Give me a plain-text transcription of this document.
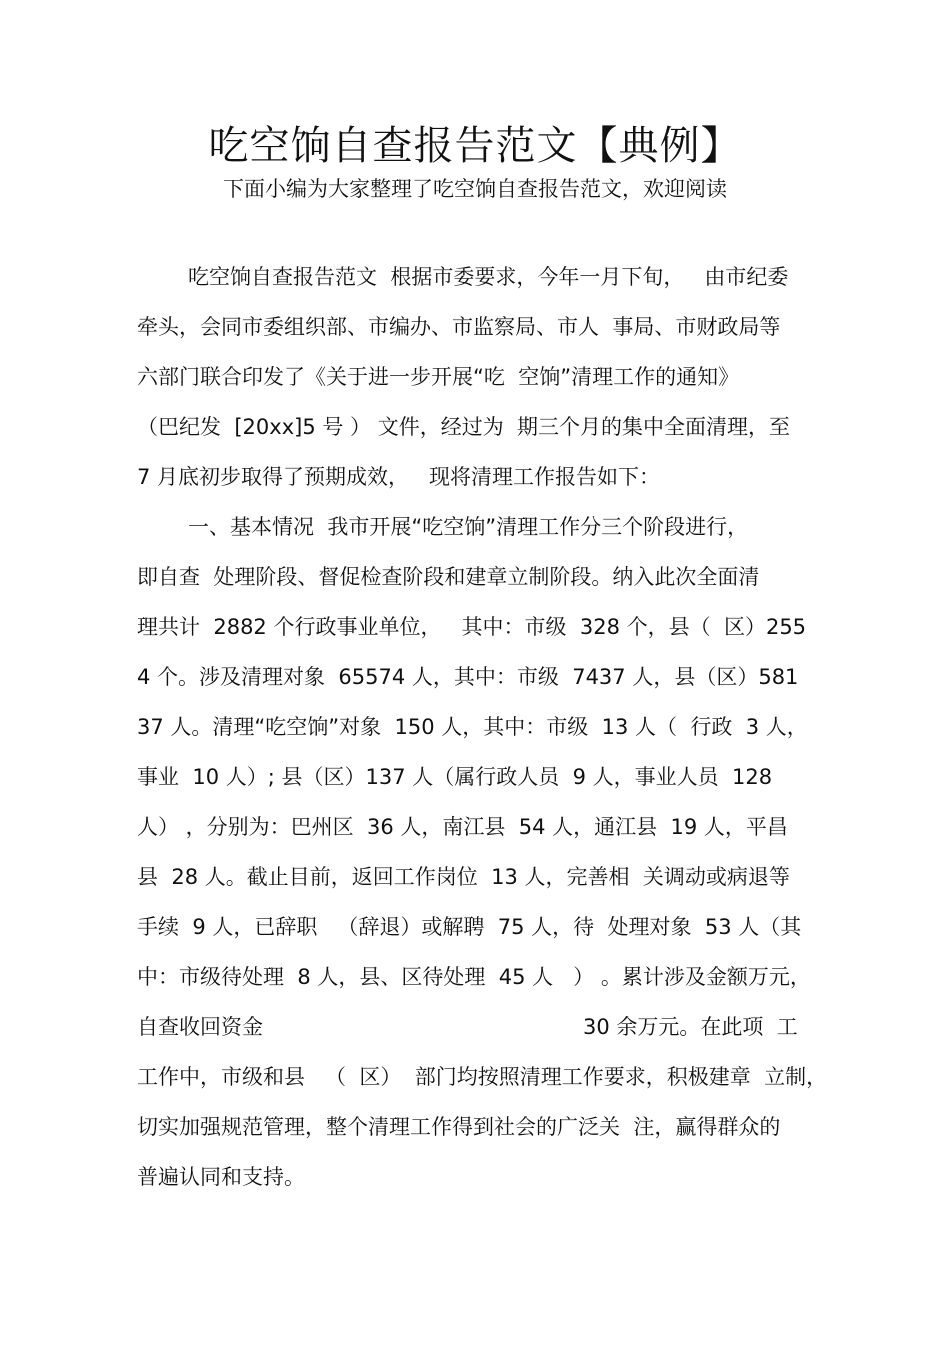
吃空饷自查报告范文【典例】
下面小编为大家整理了吃空饷自查报告范文，欢迎阅读
吃空饷自查报告范文  根据市委要求，今年一月下旬，   由市纪委
牵头，会同市委组织部、市编办、市监察局、市人  事局、市财政局等
六部门联合印发了《关于进一步开展“吃  空饷”清理工作的通知》
（巴纪发  [20xx]5 号 ） 文件，经过为  期三个月的集中全面清理，至
7 月底初步取得了预期成效，   现将清理工作报告如下：
一、基本情况  我市开展“吃空饷”清理工作分三个阶段进行，
即自查  处理阶段、督促检查阶段和建章立制阶段。纳入此次全面清
理共计  2882 个行政事业单位，   其中：市级  328 个，县（  区）255
4 个。涉及清理对象  65574 人，其中：市级  7437 人，县（区）581
37 人。清理“吃空饷”对象  150 人，其中：市级  13 人（  行政  3 人，
事业  10 人）; 县（区）137 人（属行政人员  9 人，事业人员  128
人） ，分别为：巴州区  36 人，南江县  54 人，通江县  19 人，平昌
县  28 人。截止目前，返回工作岗位  13 人，完善相  关调动或病退等
手续  9 人，已辞职   （辞退）或解聘  75 人，待  处理对象  53 人（其
中：市级待处理  8 人，县、区待处理  45 人   ） 。累计涉及金额万元，
自查收回资金	30 余万元。在此项  工
工作中，市级和县   （  区）  部门均按照清理工作要求，积极建章  立制，
切实加强规范管理，整个清理工作得到社会的广泛关  注，赢得群众的
普遍认同和支持。
